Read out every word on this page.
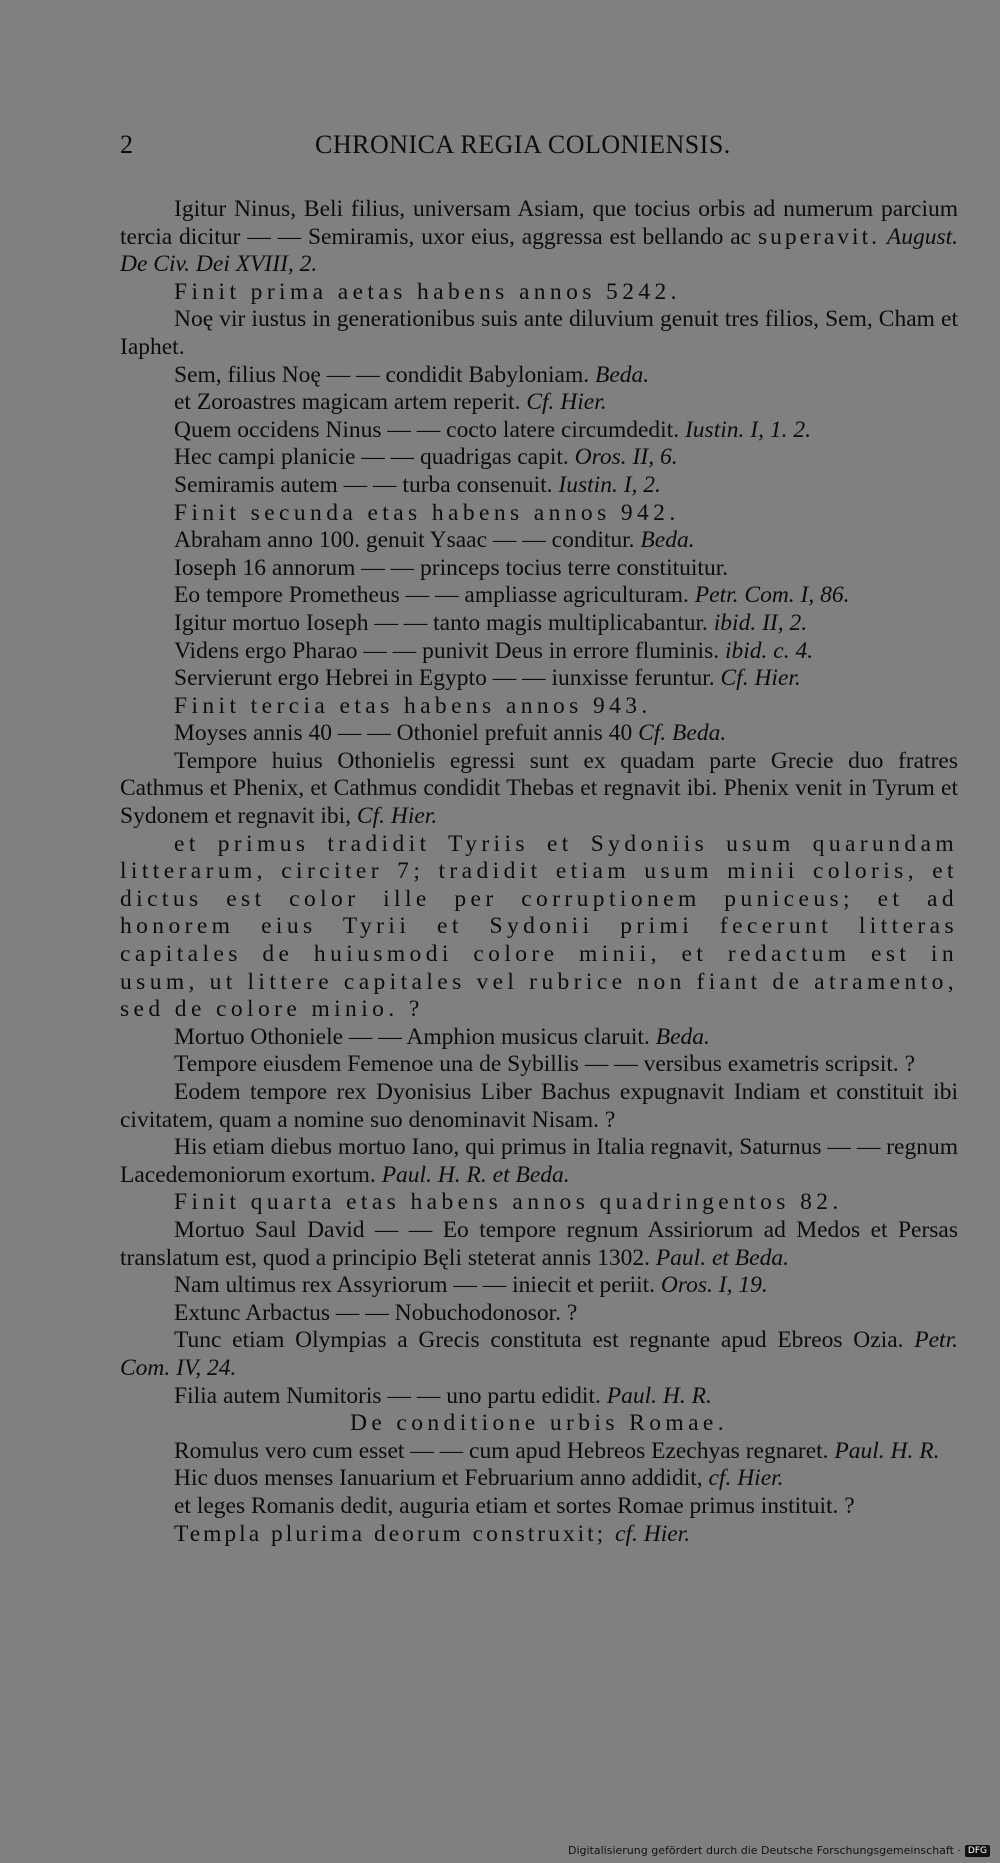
2	CHRONICA REGIA COLONIENSIS.

Igitur Ninus, Beli filius, universam Asiam, que tocius orbis ad numerum parcium tercia dicitur — — Semiramis, uxor eius, aggressa est bellando ac superavit. August. De Civ. Dei XVIII, 2.

Finit prima aetas habens annos 5242.

Noę vir iustus in generationibus suis ante diluvium genuit tres filios, Sem, Cham et Iaphet.

Sem, filius Noę — — condidit Babyloniam. Beda.

et Zoroastres magicam artem reperit. Cf. Hier.

Quem occidens Ninus — — cocto latere circumdedit. Iustin. I, 1. 2.

Hec campi planicie — — quadrigas capit. Oros. II, 6.

Semiramis autem — — turba consenuit. Iustin. I, 2.

Finit secunda etas habens annos 942.

Abraham anno 100. genuit Ysaac — — conditur. Beda.

Ioseph 16 annorum — — princeps tocius terre constituitur.

Eo tempore Prometheus — — ampliasse agriculturam. Petr. Com. I, 86.

Igitur mortuo Ioseph — — tanto magis multiplicabantur. ibid. II, 2.

Videns ergo Pharao — — punivit Deus in errore fluminis. ibid. c. 4.

Servierunt ergo Hebrei in Egypto — — iunxisse feruntur. Cf. Hier.

Finit tercia etas habens annos 943.

Moyses annis 40 — — Othoniel prefuit annis 40 Cf. Beda.

Tempore huius Othonielis egressi sunt ex quadam parte Grecie duo fratres Cathmus et Phenix, et Cathmus condidit Thebas et regnavit ibi. Phenix venit in Tyrum et Sydonem et regnavit ibi, Cf. Hier.

et primus tradidit Tyriis et Sydoniis usum quarundam litterarum, circiter 7; tradidit etiam usum minii coloris, et dictus est color ille per corruptionem puniceus; et ad honorem eius Tyrii et Sydonii primi fecerunt litteras capitales de huiusmodi colore minii, et redactum est in usum, ut littere capitales vel rubrice non fiant de atramento, sed de colore minio. ?

Mortuo Othoniele — — Amphion musicus claruit. Beda.

Tempore eiusdem Femenoe una de Sybillis — — versibus exametris scripsit. ?

Eodem tempore rex Dyonisius Liber Bachus expugnavit Indiam et constituit ibi civitatem, quam a nomine suo denominavit Nisam. ?

His etiam diebus mortuo Iano, qui primus in Italia regnavit, Saturnus — — regnum Lacedemoniorum exortum. Paul. H. R. et Beda.

Finit quarta etas habens annos quadringentos 82.

Mortuo Saul David — — Eo tempore regnum Assiriorum ad Medos et Persas translatum est, quod a principio Bęli steterat annis 1302. Paul. et Beda.

Nam ultimus rex Assyriorum — — iniecit et periit. Oros. I, 19.

Extunc Arbactus — — Nobuchodonosor. ?

Tunc etiam Olympias a Grecis constituta est regnante apud Ebreos Ozia. Petr. Com. IV, 24.

Filia autem Numitoris — — uno partu edidit. Paul. H. R.

De conditione urbis Romae.

Romulus vero cum esset — — cum apud Hebreos Ezechyas regnaret. Paul. H. R.

Hic duos menses Ianuarium et Februarium anno addidit, cf. Hier.

et leges Romanis dedit, auguria etiam et sortes Romae primus instituit. ?

Templa plurima deorum construxit; cf. Hier.

Digitalisierung gefördert durch die Deutsche Forschungsgemeinschaft · DFG
